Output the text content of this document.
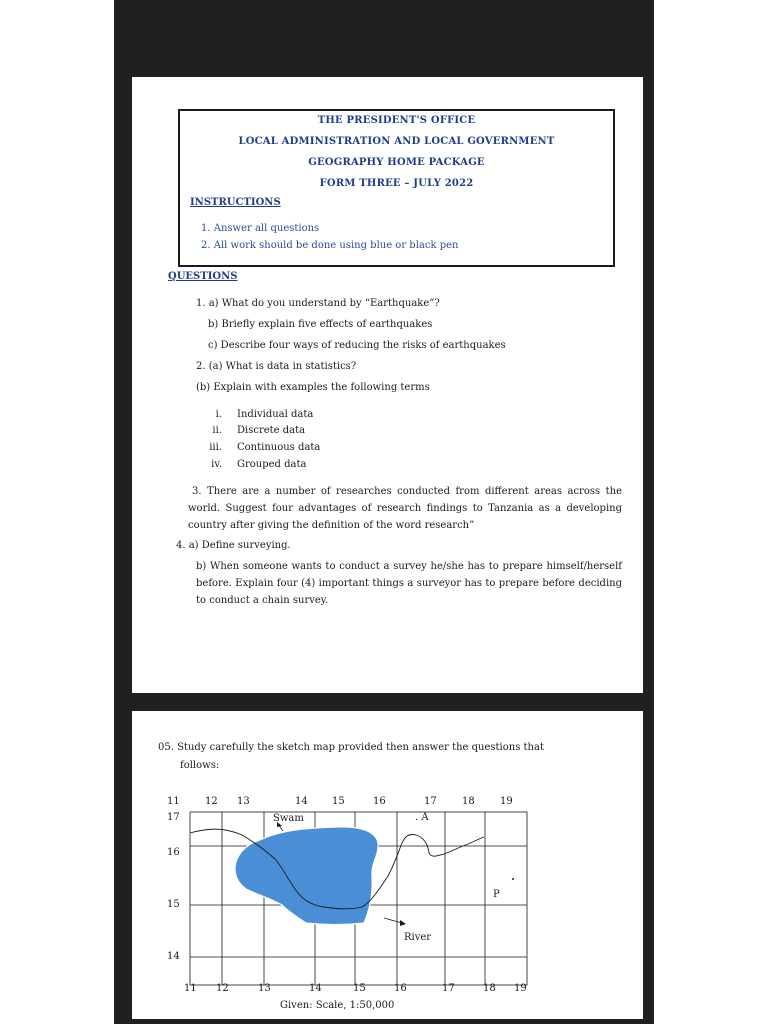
THE PRESIDENT'S OFFICE
LOCAL ADMINISTRATION AND LOCAL GOVERNMENT
GEOGRAPHY HOME PACKAGE
FORM THREE – JULY 2022
INSTRUCTIONS
1. Answer all questions
2. All work should be done using blue or black pen
QUESTIONS
1. a) What do you understand by “Earthquake”?
b) Briefly explain five effects of earthquakes
c) Describe four ways of reducing the risks of earthquakes
2. (a) What is data in statistics?
(b) Explain with examples the following terms
i. Individual data
ii. Discrete data
iii. Continuous data
iv. Grouped data
3. There are a number of researches conducted from different areas across the world. Suggest four advantages of research findings to Tanzania as a developing country after giving the definition of the word research”
4. a) Define surveying.
b) When someone wants to conduct a survey he/she has to prepare himself/herself before. Explain four (4) important things a surveyor has to prepare before deciding to conduct a chain survey.
05. Study carefully the sketch map provided then answer the questions that
follows:
Swam	. A
P
River
11	12 13	14 15	16	17	18	19
17
16
15
14
11 12	13	14	15	16	17	18 19
Given: Scale, 1:50,000
